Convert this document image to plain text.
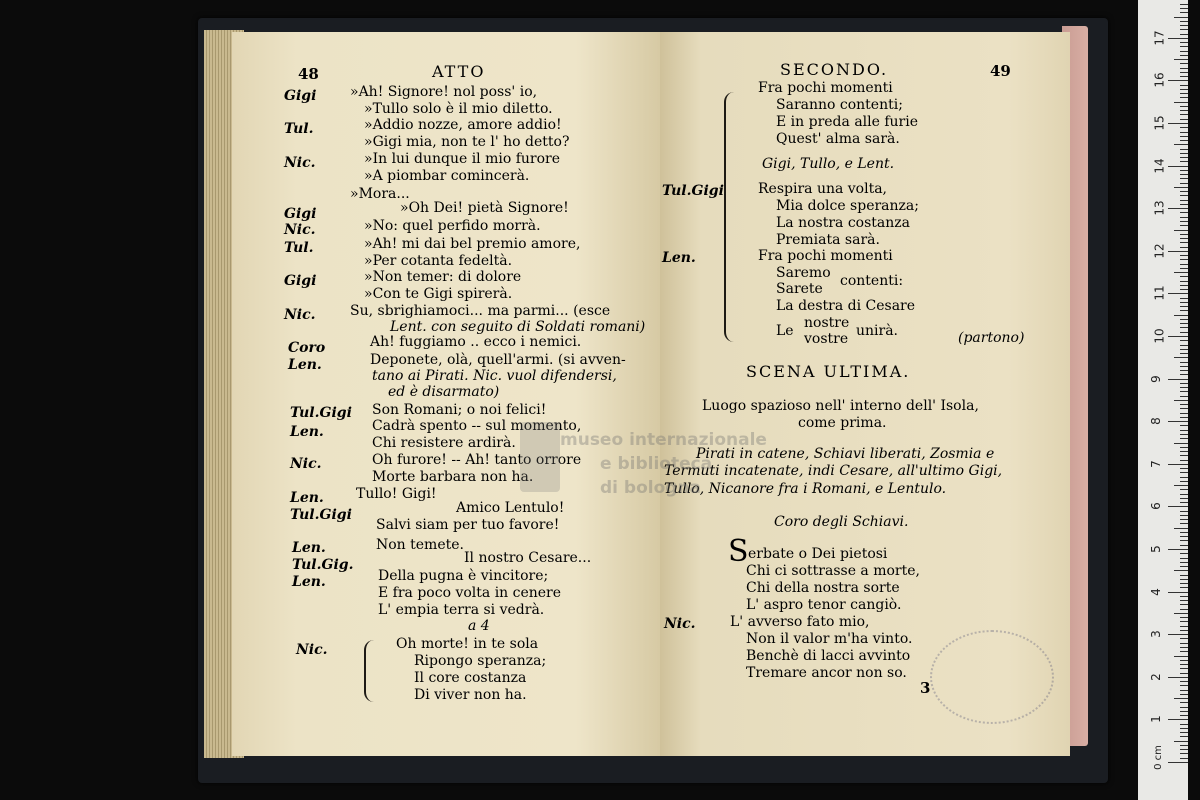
48	ATTO
Gigi »Ah! Signore! nol poss' io,
»Tullo solo è il mio diletto.
Tul.	»Addio nozze, amore addio!
»Gigi mia, non te l' ho detto?
Nic.	»In lui dunque il mio furore
»A piombar comincerà.
»Mora...
Gigi	»Oh Dei! pietà Signore!
Nic.	»No: quel perfido morrà.
Tul.	»Ah! mi dai bel premio amore,
»Per cotanta fedeltà.
Gigi	»Non temer: di dolore
»Con te Gigi spirerà.
Nic. Su, sbrighiamoci... ma parmi... (esce
Lent. con seguito di Soldati romani)
Coro	Ah! fuggiamo .. ecco i nemici.
Len.	Deponete, olà, quell'armi. (si avven-
tano ai Pirati. Nic. vuol difendersi,
ed è disarmato)
Tul.Gigi Son Romani; o noi felici!
Len.	Cadrà spento -- sul momento,
Chi resistere ardirà.
Nic.	Oh furore! -- Ah! tanto orrore
Morte barbara non ha.
Len. Tullo! Gigi!
Amico Lentulo!
Tul.Gigi
Salvi siam per tuo favore!
Len.	Non temete.
Il nostro Cesare...
Tul.Gig.
Della pugna è vincitore;
Len.
E fra poco volta in cenere
L' empia terra si vedrà.
a 4
Nic.	Oh morte! in te sola
Ripongo speranza;
Il core costanza
Di viver non ha.
SECONDO.	49
Fra pochi momenti
Saranno contenti;
E in preda alle furie
Quest' alma sarà.
Gigi, Tullo, e Lent.
Tul.Gigi Respira una volta,
Mia dolce speranza;
La nostra costanza
Premiata sarà.
Len.	Fra pochi momenti
Saremo
Sarete contenti:
La destra di Cesare
Le nostre
vostre unirà.	(partono)
SCENA ULTIMA.
Luogo spazioso nell' interno dell' Isola,
come prima.
Pirati in catene, Schiavi liberati, Zosmia e
Termuti incatenate, indi Cesare, all'ultimo Gigi,
Tullo, Nicanore fra i Romani, e Lentulo.
Coro degli Schiavi.
S erbate o Dei pietosi
Chi ci sottrasse a morte,
Chi della nostra sorte
L' aspro tenor cangiò.
Nic. L' avverso fato mio,
Non il valor m'ha vinto.
Benchè di lacci avvinto
Tremare ancor non so.
3
museo internazionale
e biblioteca
di bologna
1
2
3
4
5
6
7
8
9
10
11
12
13
14
15
16
17
0 cm
